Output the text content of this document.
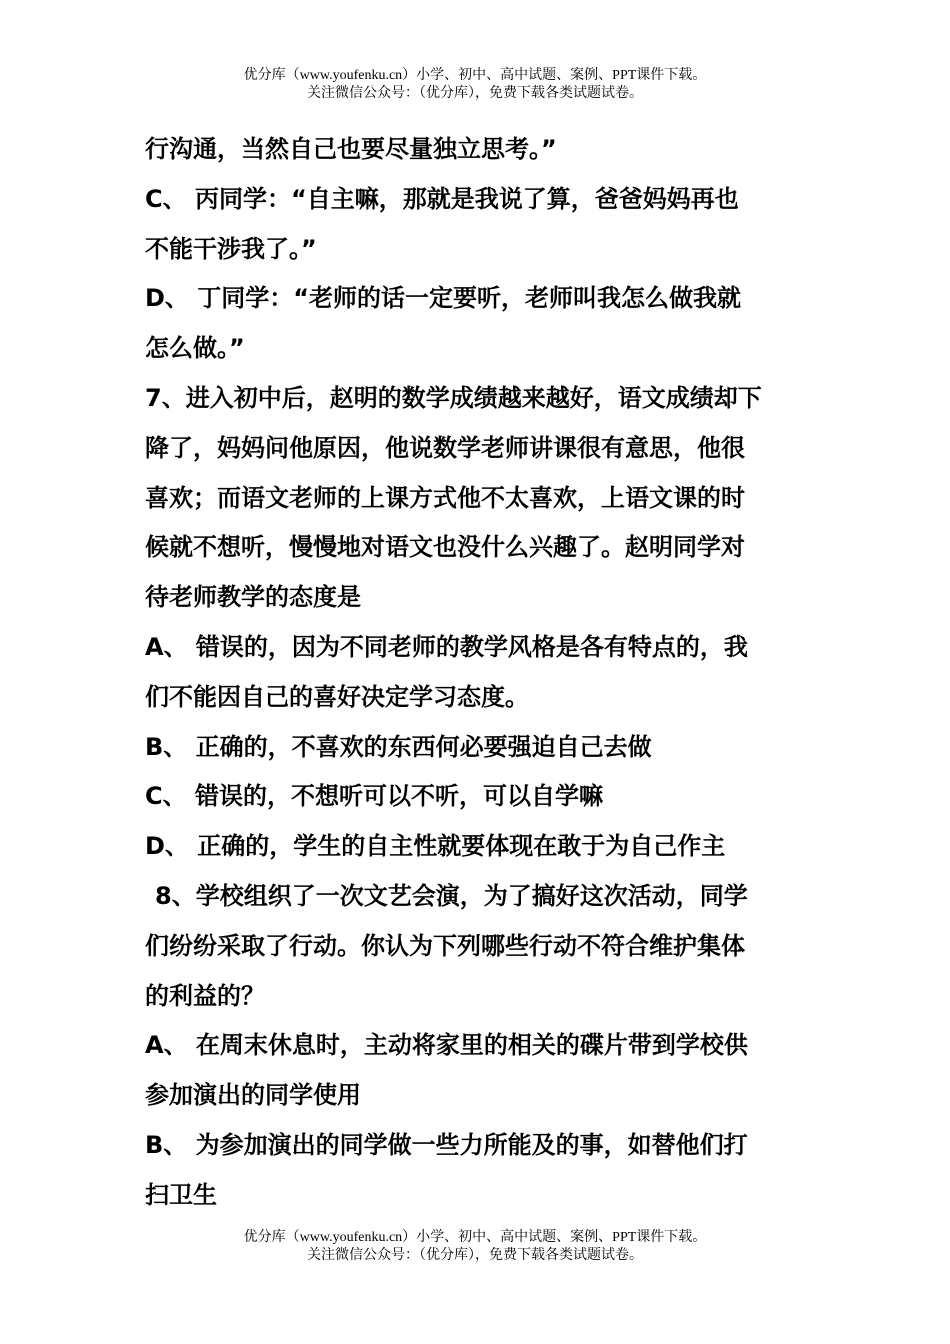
优分库（www.youfenku.cn）小学、初中、高中试题、案例、PPT课件下载。
关注微信公众号：（优分库），免费下载各类试题试卷。
行沟通，当然自己也要尽量独立思考。”
C、 丙同学：“自主嘛，那就是我说了算，爸爸妈妈再也
不能干涉我了。”
D、 丁同学：“老师的话一定要听，老师叫我怎么做我就
怎么做。”
7、进入初中后，赵明的数学成绩越来越好，语文成绩却下
降了，妈妈问他原因，他说数学老师讲课很有意思，他很
喜欢；而语文老师的上课方式他不太喜欢，上语文课的时
候就不想听，慢慢地对语文也没什么兴趣了。赵明同学对
待老师教学的态度是
A、 错误的，因为不同老师的教学风格是各有特点的，我
们不能因自己的喜好决定学习态度。
B、 正确的，不喜欢的东西何必要强迫自己去做
C、 错误的，不想听可以不听，可以自学嘛
D、 正确的，学生的自主性就要体现在敢于为自己作主
8、学校组织了一次文艺会演，为了搞好这次活动，同学
们纷纷采取了行动。你认为下列哪些行动不符合维护集体
的利益的？
A、 在周末休息时，主动将家里的相关的碟片带到学校供
参加演出的同学使用
B、 为参加演出的同学做一些力所能及的事，如替他们打
扫卫生
优分库（www.youfenku.cn）小学、初中、高中试题、案例、PPT课件下载。
关注微信公众号：（优分库），免费下载各类试题试卷。
